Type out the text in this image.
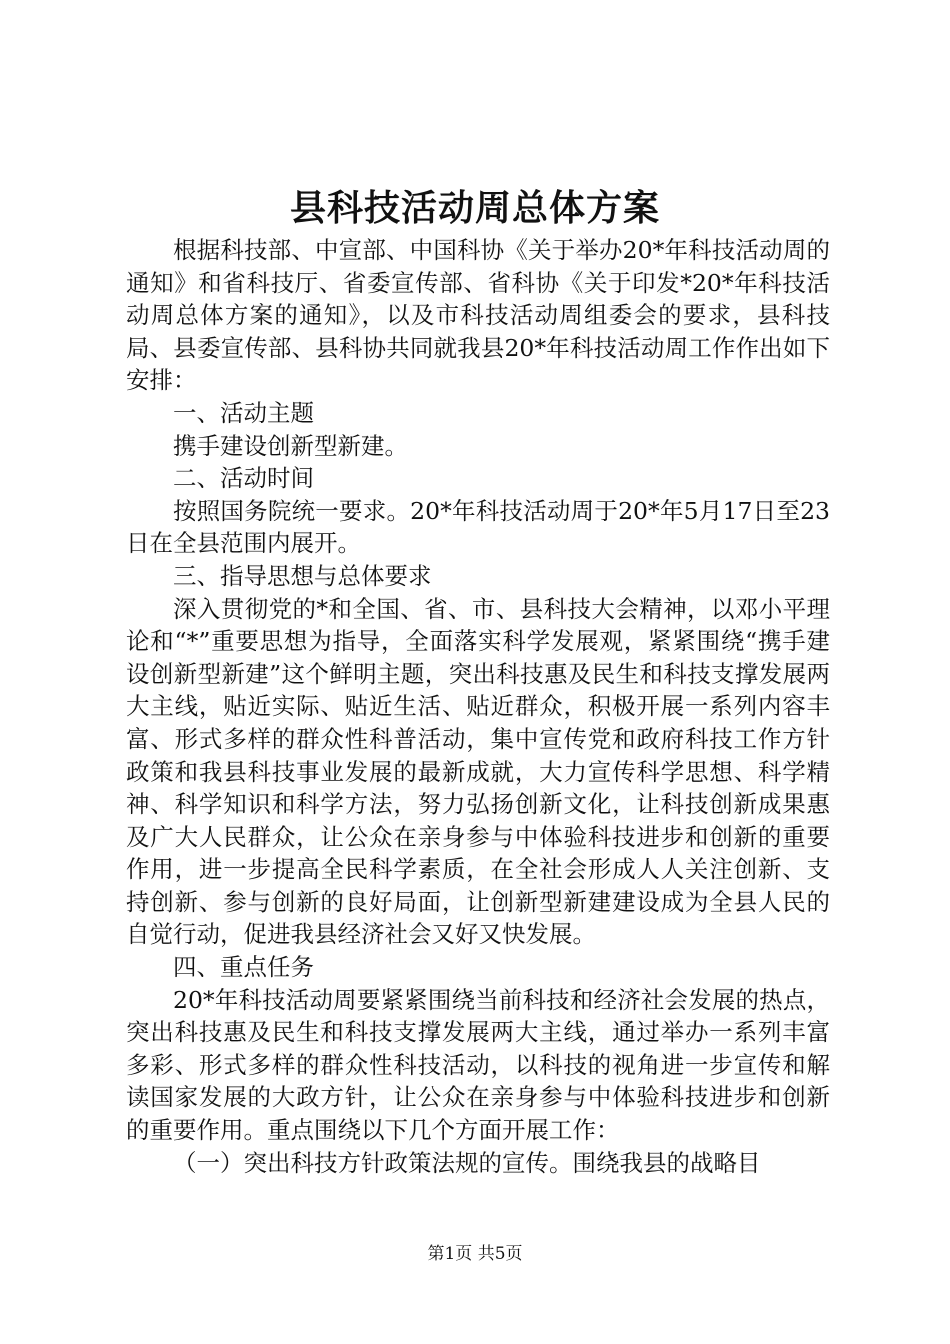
县科技活动周总体方案

根据科技部、中宣部、中国科协《关于举办20*年科技活动周的通知》和省科技厅、省委宣传部、省科协《关于印发*20*年科技活动周总体方案的通知》，以及市科技活动周组委会的要求，县科技局、县委宣传部、县科协共同就我县20*年科技活动周工作作出如下安排：

一、活动主题

携手建设创新型新建。

二、活动时间

按照国务院统一要求。20*年科技活动周于20*年5月17日至23日在全县范围内展开。

三、指导思想与总体要求

深入贯彻党的*和全国、省、市、县科技大会精神，以邓小平理论和“*”重要思想为指导，全面落实科学发展观，紧紧围绕“携手建设创新型新建”这个鲜明主题，突出科技惠及民生和科技支撑发展两大主线，贴近实际、贴近生活、贴近群众，积极开展一系列内容丰富、形式多样的群众性科普活动，集中宣传党和政府科技工作方针政策和我县科技事业发展的最新成就，大力宣传科学思想、科学精神、科学知识和科学方法，努力弘扬创新文化，让科技创新成果惠及广大人民群众，让公众在亲身参与中体验科技进步和创新的重要作用，进一步提高全民科学素质，在全社会形成人人关注创新、支持创新、参与创新的良好局面，让创新型新建建设成为全县人民的自觉行动，促进我县经济社会又好又快发展。

四、重点任务

20*年科技活动周要紧紧围绕当前科技和经济社会发展的热点，突出科技惠及民生和科技支撑发展两大主线，通过举办一系列丰富多彩、形式多样的群众性科技活动，以科技的视角进一步宣传和解读国家发展的大政方针，让公众在亲身参与中体验科技进步和创新的重要作用。重点围绕以下几个方面开展工作：

（一）突出科技方针政策法规的宣传。围绕我县的战略目

第1页 共5页
